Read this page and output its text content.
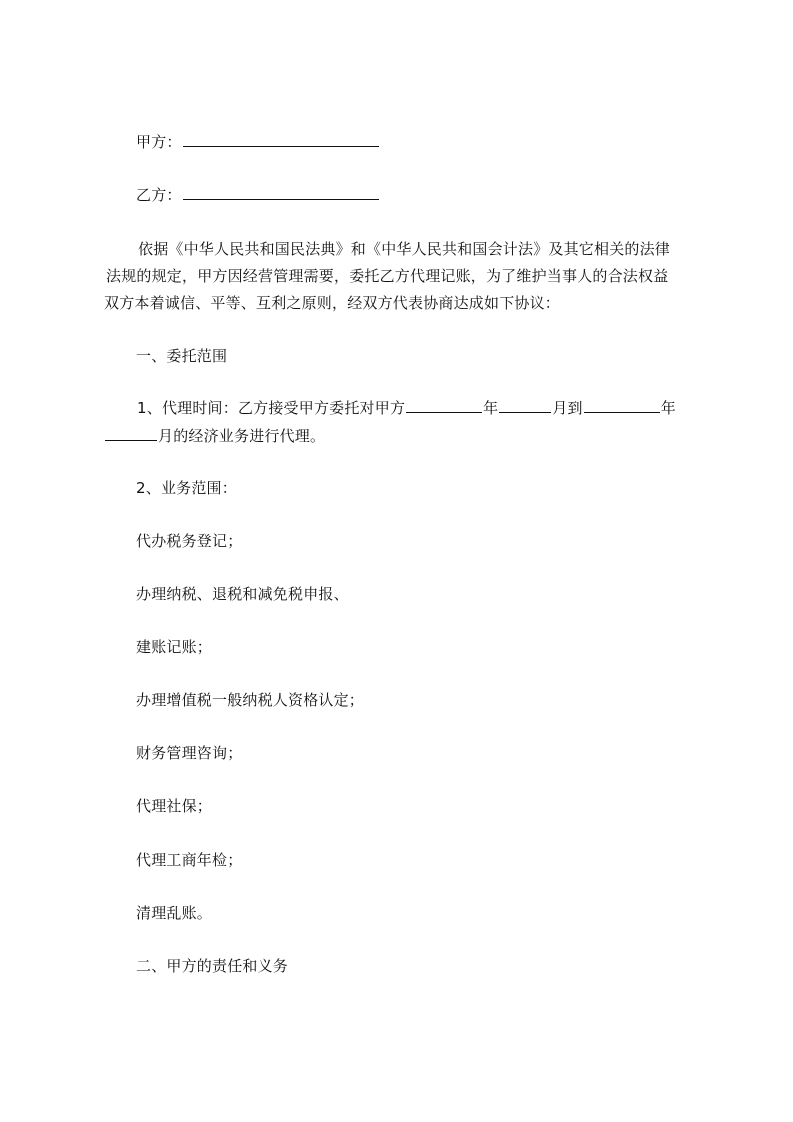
甲方：
乙方：
依据《中华人民共和国民法典》和《中华人民共和国会计法》及其它相关的法律
法规的规定，甲方因经营管理需要，委托乙方代理记账，为了维护当事人的合法权益
双方本着诚信、平等、互利之原则，经双方代表协商达成如下协议：
一、委托范围
1、代理时间：乙方接受甲方委托对甲方	年	月到	年
月的经济业务进行代理。
2、业务范围：
代办税务登记；
办理纳税、退税和减免税申报、
建账记账；
办理增值税一般纳税人资格认定；
财务管理咨询；
代理社保；
代理工商年检；
清理乱账。
二、甲方的责任和义务
